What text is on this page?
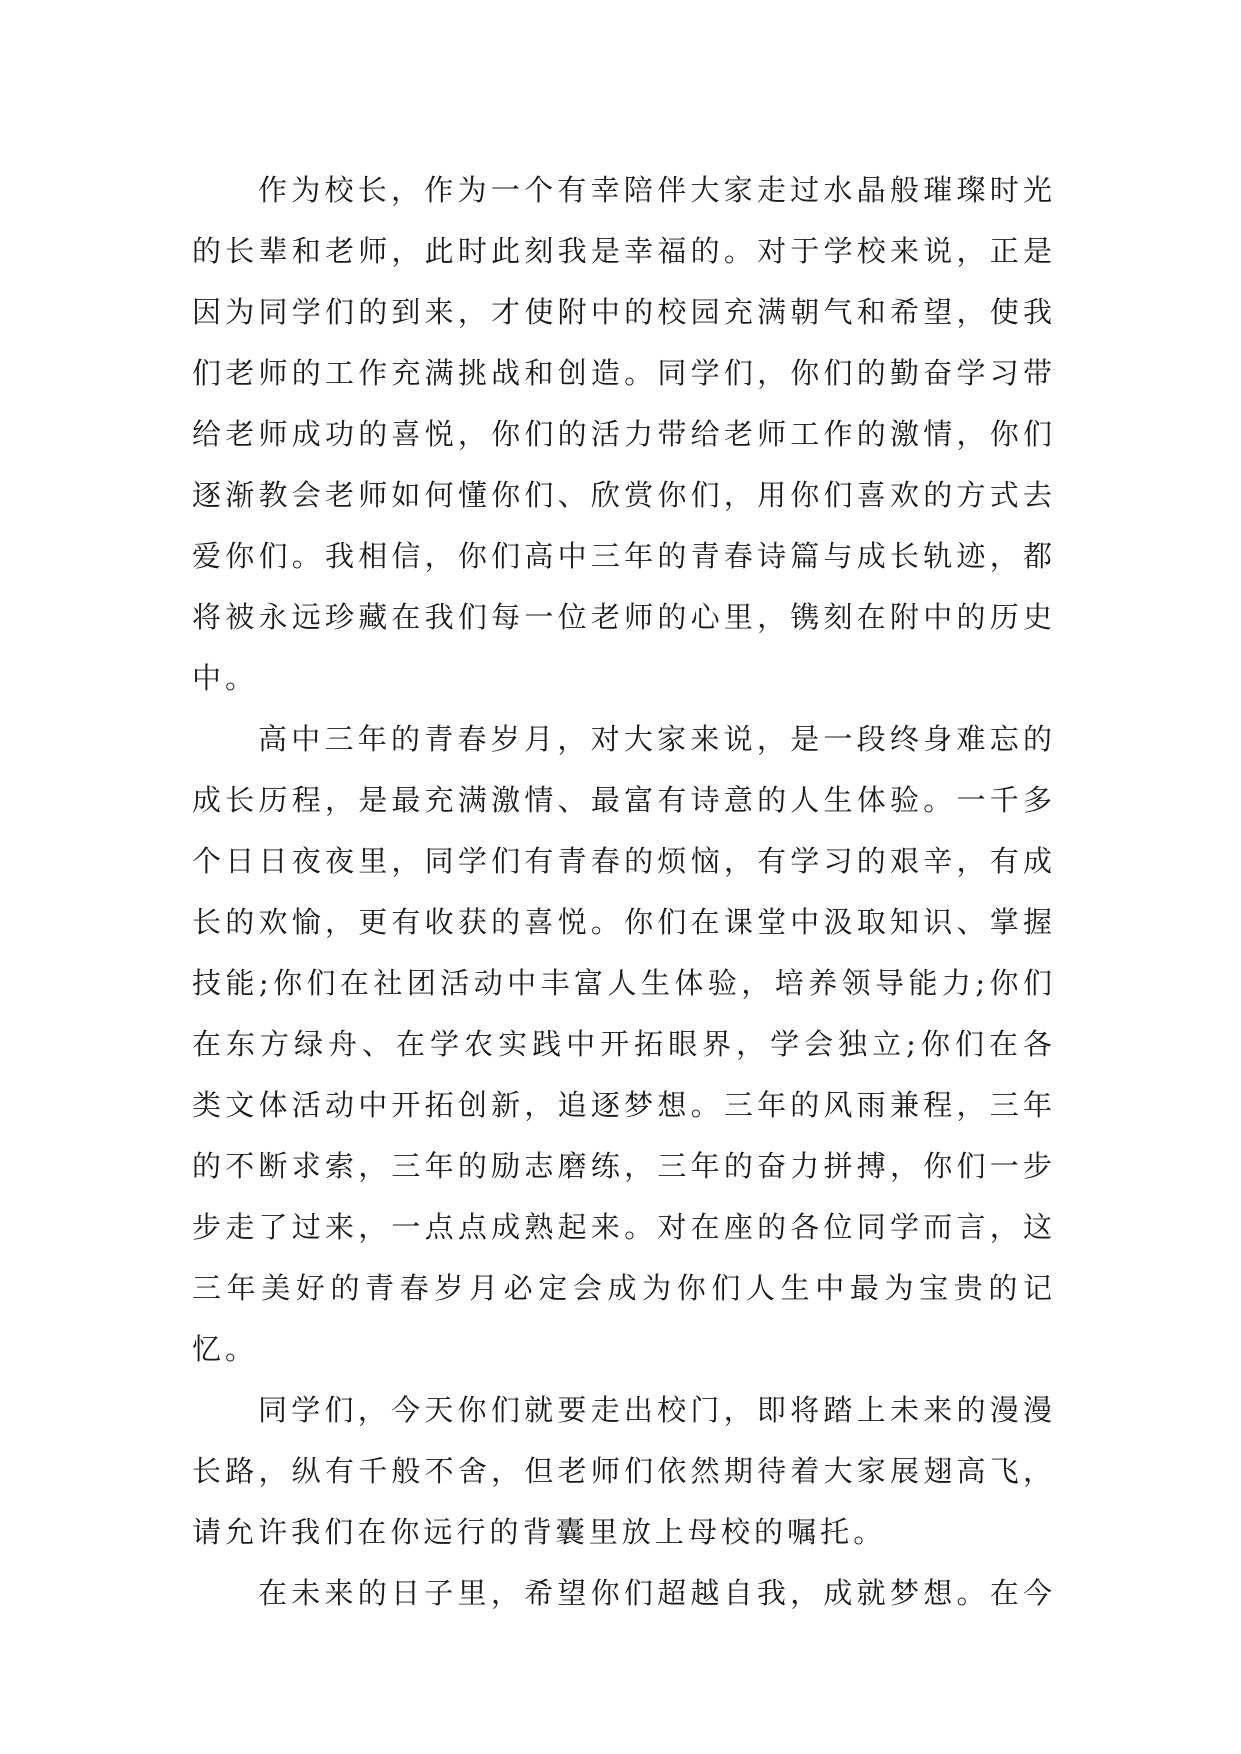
作为校长，作为一个有幸陪伴大家走过水晶般璀璨时光
的长辈和老师，此时此刻我是幸福的。对于学校来说，正是
因为同学们的到来，才使附中的校园充满朝气和希望，使我
们老师的工作充满挑战和创造。同学们，你们的勤奋学习带
给老师成功的喜悦，你们的活力带给老师工作的激情，你们
逐渐教会老师如何懂你们、欣赏你们，用你们喜欢的方式去
爱你们。我相信，你们高中三年的青春诗篇与成长轨迹，都
将被永远珍藏在我们每一位老师的心里，镌刻在附中的历史
中。
高中三年的青春岁月，对大家来说，是一段终身难忘的
成长历程，是最充满激情、最富有诗意的人生体验。一千多
个日日夜夜里，同学们有青春的烦恼，有学习的艰辛，有成
长的欢愉，更有收获的喜悦。你们在课堂中汲取知识、掌握
技能;你们在社团活动中丰富人生体验，培养领导能力;你们
在东方绿舟、在学农实践中开拓眼界，学会独立;你们在各
类文体活动中开拓创新，追逐梦想。三年的风雨兼程，三年
的不断求索，三年的励志磨练，三年的奋力拼搏，你们一步
步走了过来，一点点成熟起来。对在座的各位同学而言，这
三年美好的青春岁月必定会成为你们人生中最为宝贵的记
忆。
同学们，今天你们就要走出校门，即将踏上未来的漫漫
长路，纵有千般不舍，但老师们依然期待着大家展翅高飞，
请允许我们在你远行的背囊里放上母校的嘱托。
在未来的日子里，希望你们超越自我，成就梦想。在今
